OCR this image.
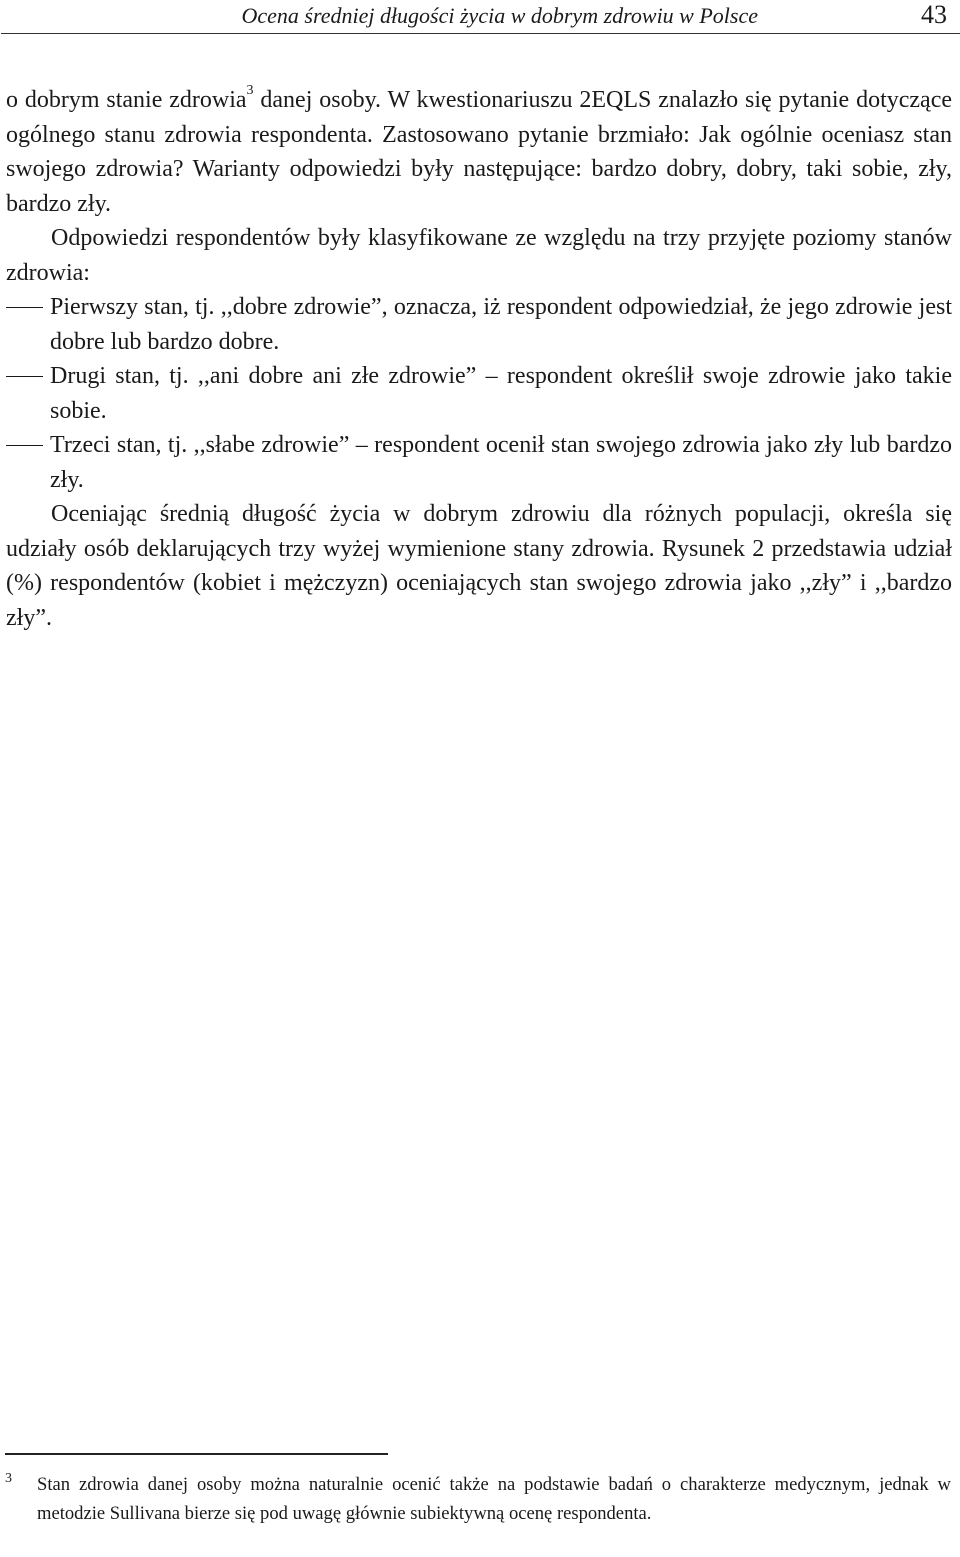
Ocena średniej długości życia w dobrym zdrowiu w Polsce	43

o dobrym stanie zdrowia$^3$ danej osoby. W kwestionariuszu 2EQLS znalazło się pytanie dotyczące ogólnego stanu zdrowia respondenta. Zastosowano pytanie brzmiało: Jak ogólnie oceniasz stan swojego zdrowia? Warianty odpowiedzi były następujące: bardzo dobry, dobry, taki sobie, zły, bardzo zły.

Odpowiedzi respondentów były klasyfikowane ze względu na trzy przyjęte poziomy stanów zdrowia:

Pierwszy stan, tj. ,,dobre zdrowie”, oznacza, iż respondent odpowiedział, że jego zdrowie jest dobre lub bardzo dobre.
Drugi stan, tj. ,,ani dobre ani złe zdrowie” – respondent określił swoje zdrowie jako takie sobie.
Trzeci stan, tj. ,,słabe zdrowie” – respondent ocenił stan swojego zdrowia jako zły lub bardzo zły.

Oceniając średnią długość życia w dobrym zdrowiu dla różnych populacji, określa się udziały osób deklarujących trzy wyżej wymienione stany zdrowia. Rysunek 2 przedstawia udział (%) respondentów (kobiet i mężczyzn) oceniających stan swojego zdrowia jako ,,zły” i ,,bardzo zły”.

3	Stan zdrowia danej osoby można naturalnie ocenić także na podstawie badań o charakterze medycznym, jednak w metodzie Sullivana bierze się pod uwagę głównie subiektywną ocenę respondenta.
